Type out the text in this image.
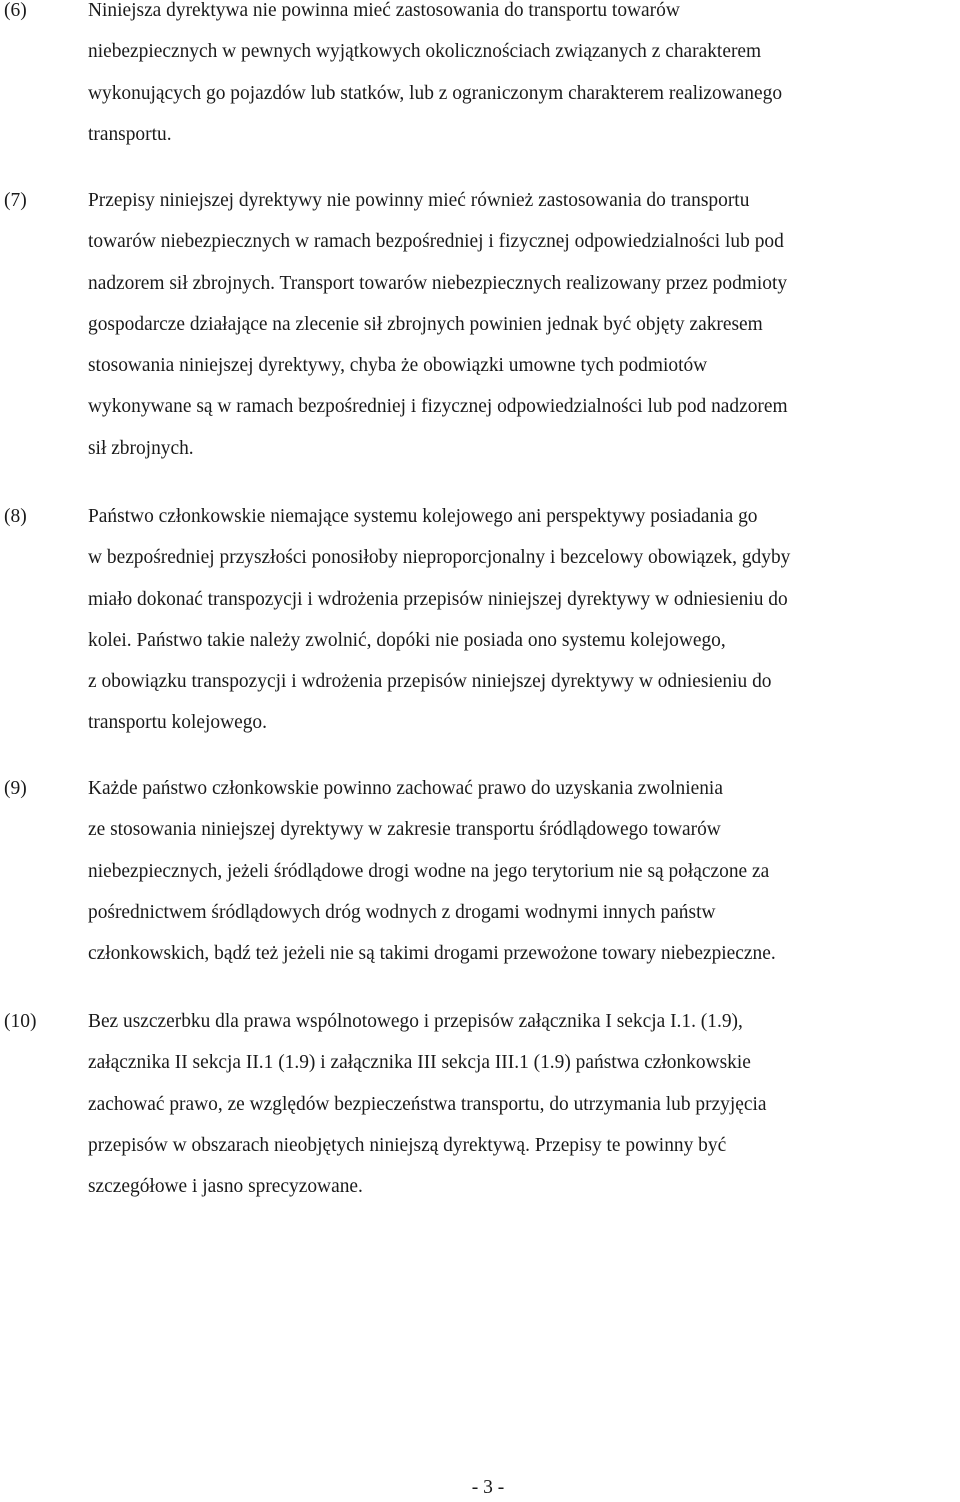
(6)	Niniejsza dyrektywa nie powinna mieć zastosowania do transportu towarów
niebezpiecznych w pewnych wyjątkowych okolicznościach związanych z charakterem
wykonujących go pojazdów lub statków, lub z ograniczonym charakterem realizowanego
transportu.
(7)	Przepisy niniejszej dyrektywy nie powinny mieć również zastosowania do transportu
towarów niebezpiecznych w ramach bezpośredniej i fizycznej odpowiedzialności lub pod
nadzorem sił zbrojnych. Transport towarów niebezpiecznych realizowany przez podmioty
gospodarcze działające na zlecenie sił zbrojnych powinien jednak być objęty zakresem
stosowania niniejszej dyrektywy, chyba że obowiązki umowne tych podmiotów
wykonywane są w ramach bezpośredniej i fizycznej odpowiedzialności lub pod nadzorem
sił zbrojnych.
(8)	Państwo członkowskie niemające systemu kolejowego ani perspektywy posiadania go
w bezpośredniej przyszłości ponosiłoby nieproporcjonalny i bezcelowy obowiązek, gdyby
miało dokonać transpozycji i wdrożenia przepisów niniejszej dyrektywy w odniesieniu do
kolei. Państwo takie należy zwolnić, dopóki nie posiada ono systemu kolejowego,
z obowiązku transpozycji i wdrożenia przepisów niniejszej dyrektywy w odniesieniu do
transportu kolejowego.
(9)	Każde państwo członkowskie powinno zachować prawo do uzyskania zwolnienia
ze stosowania niniejszej dyrektywy w zakresie transportu śródlądowego towarów
niebezpiecznych, jeżeli śródlądowe drogi wodne na jego terytorium nie są połączone za
pośrednictwem śródlądowych dróg wodnych z drogami wodnymi innych państw
członkowskich, bądź też jeżeli nie są takimi drogami przewożone towary niebezpieczne.
(10)	Bez uszczerbku dla prawa wspólnotowego i przepisów załącznika I sekcja I.1. (1.9),
załącznika II sekcja II.1 (1.9) i załącznika III sekcja III.1 (1.9) państwa członkowskie
zachować prawo, ze względów bezpieczeństwa transportu, do utrzymania lub przyjęcia
przepisów w obszarach nieobjętych niniejszą dyrektywą. Przepisy te powinny być
szczegółowe i jasno sprecyzowane.
- 3 -
